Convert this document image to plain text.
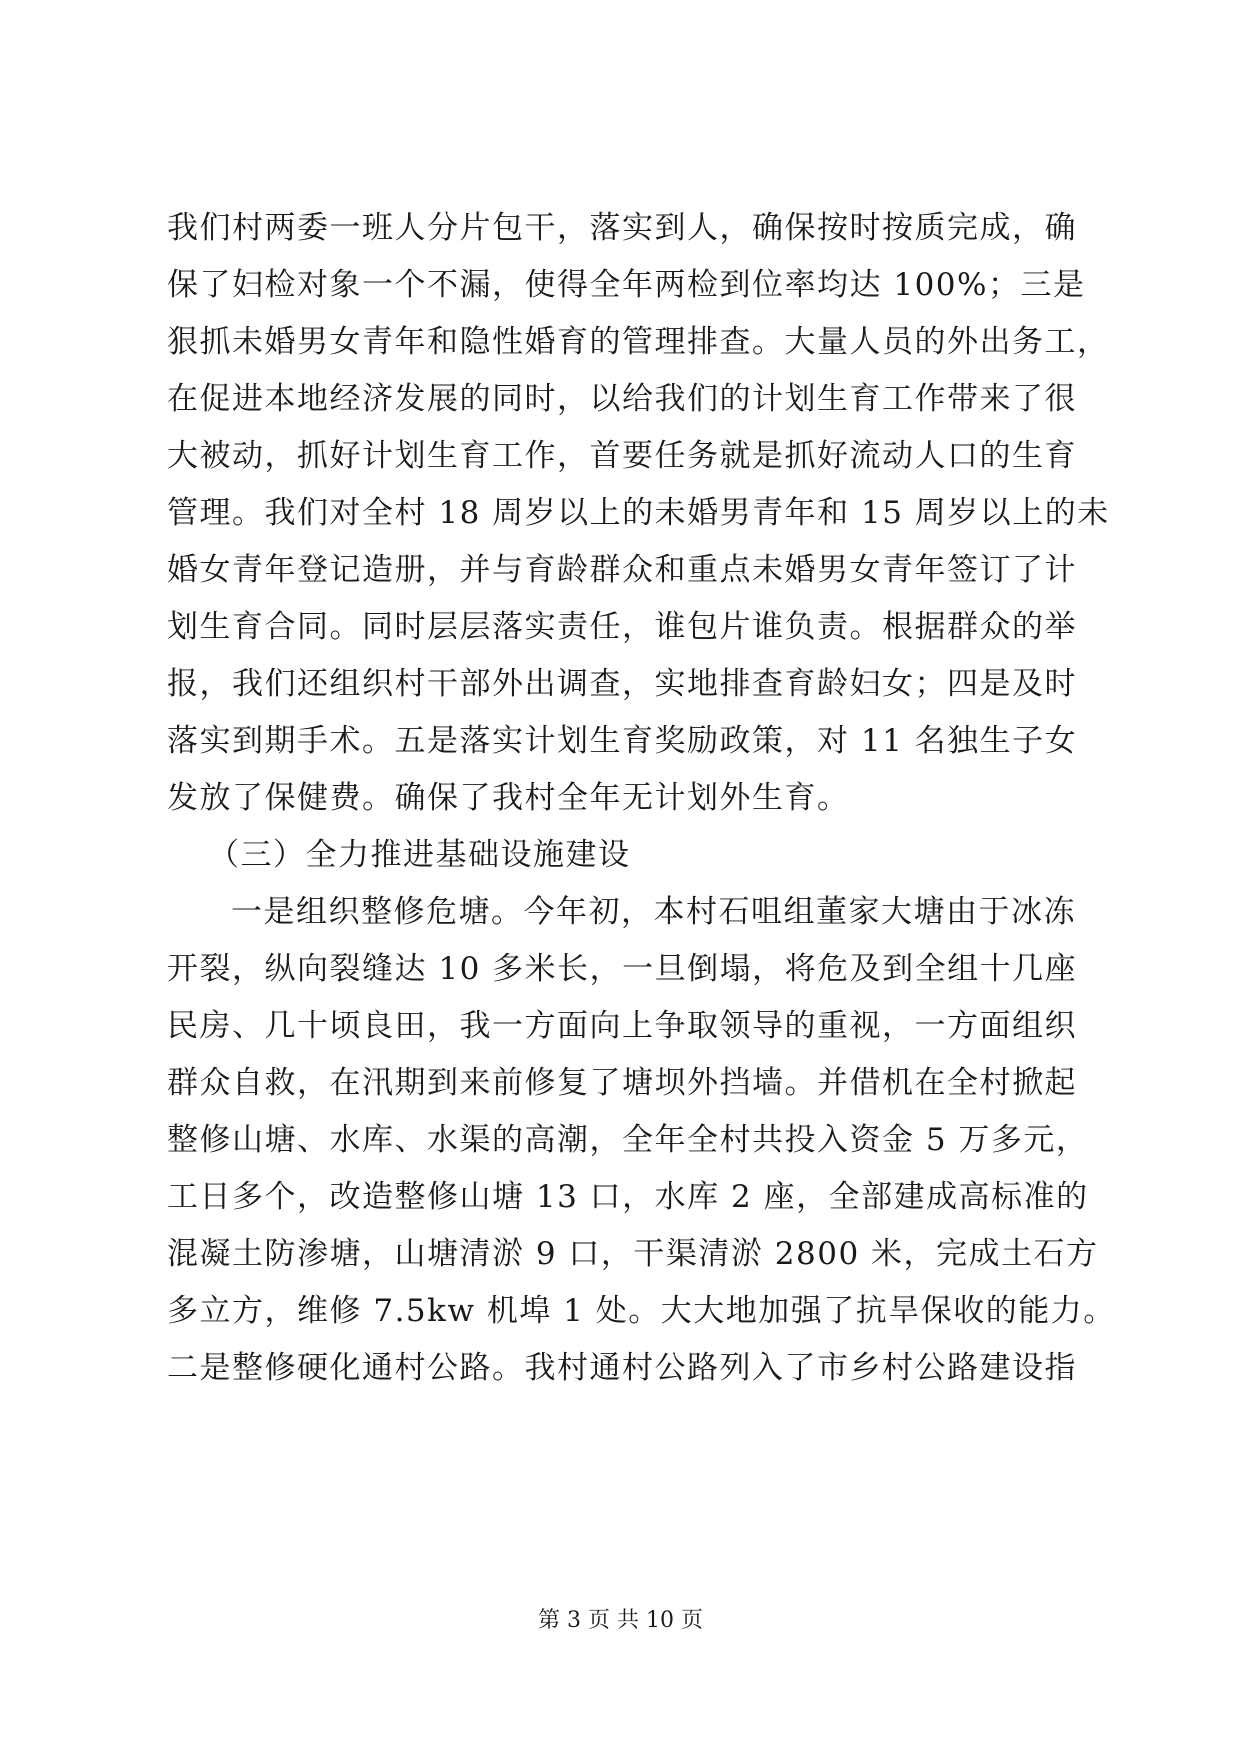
我们村两委一班人分片包干，落实到人，确保按时按质完成，确
保了妇检对象一个不漏，使得全年两检到位率均达 100%；三是
狠抓未婚男女青年和隐性婚育的管理排查。大量人员的外出务工，
在促进本地经济发展的同时，以给我们的计划生育工作带来了很
大被动，抓好计划生育工作，首要任务就是抓好流动人口的生育
管理。我们对全村 18 周岁以上的未婚男青年和 15 周岁以上的未
婚女青年登记造册，并与育龄群众和重点未婚男女青年签订了计
划生育合同。同时层层落实责任，谁包片谁负责。根据群众的举
报，我们还组织村干部外出调查，实地排查育龄妇女；四是及时
落实到期手术。五是落实计划生育奖励政策，对 11 名独生子女
发放了保健费。确保了我村全年无计划外生育。
（三）全力推进基础设施建设
一是组织整修危塘。今年初，本村石咀组董家大塘由于冰冻
开裂，纵向裂缝达 10 多米长，一旦倒塌，将危及到全组十几座
民房、几十顷良田，我一方面向上争取领导的重视，一方面组织
群众自救，在汛期到来前修复了塘坝外挡墙。并借机在全村掀起
整修山塘、水库、水渠的高潮，全年全村共投入资金 5 万多元，
工日多个，改造整修山塘 13 口，水库 2 座，全部建成高标准的
混凝土防渗塘，山塘清淤 9 口，干渠清淤 2800 米，完成土石方
多立方，维修 7.5kw 机埠 1 处。大大地加强了抗旱保收的能力。
二是整修硬化通村公路。我村通村公路列入了市乡村公路建设指
第 3 页 共 10 页
